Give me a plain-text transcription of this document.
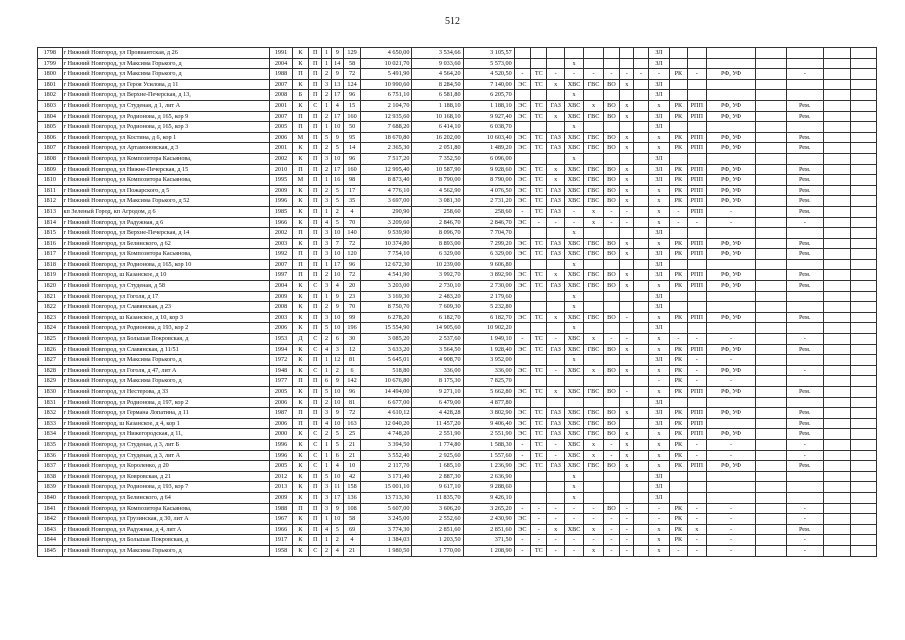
512
1798	г Нижний Новгород, ул Провиантская, д 26	1991	К	П	1	9	129	4 650,00	3 534,66	3 105,57									ЗЛ							
1799	г Нижний Новгород, ул Максима Горького, д	2004	К	П	1	14	58	10 021,70	9 033,60	5 573,00				x					ЗЛ							
1800	г Нижний Новгород, ул Максима Горького, д	1988	П	П	2	9	72	5 491,90	4 564,20	4 520,50	-	ТС	-	-	-	-	-	-	-	РК	-	РФ, УФ		-		
1801	г Нижний Новгород, ул Героя Усилова, д 11	2007	К	П	3	13	124	10 990,60	8 284,50	7 140,00	ЭС	ТС	x	ХВС	ГВС	ВО	x		ЗЛ							
1802	г Нижний Новгород, ул Верхне-Печерская, д 13,	2008	Б	П	2	17	96	6 751,10	6 581,80	6 205,70				x					ЗЛ							
1803	г Нижний Новгород, ул Студеная, д 1, лит А	2001	К	С	1	4	15	2 104,70	1 188,10	1 188,10	ЭС	ТС	ГАЗ	ХВС	x	ВО	x		x	РК	РПП	РФ, УФ		Рем.		
1804	г Нижний Новгород, ул Родионова, д 165, кор 9	2007	П	П	2	17	160	12 935,60	10 168,10	9 927,40	ЭС	ТС	x	ХВС	ГВС	ВО	x		ЗЛ	РК	РПП	РФ, УФ		Рем.		
1805	г Нижний Новгород, ул Родионова, д 165, кор 3	2005	П	П	1	10	50	7 688,20	6 414,10	6 038,70				x					ЗЛ							
1806	г Нижний Новгород, ул Костина, д 6, кор 1	2006	М	П	5	9	95	18 670,80	16 202,00	10 603,40	ЭС	ТС	ГАЗ	ХВС	ГВС	ВО	x		x	РК	РПП	РФ, УФ		Рем.		
1807	г Нижний Новгород, ул Артамоновская, д 3	2001	К	П	2	5	14	2 365,30	2 051,80	1 489,20	ЭС	ТС	ГАЗ	ХВС	ГВС	ВО	x		x	РК	РПП	РФ, УФ		Рем.		
1808	г Нижний Новгород, ул Композитора Касьянова,	2002	К	П	3	10	96	7 517,20	7 352,50	6 096,00				x					ЗЛ							
1809	г Нижний Новгород, ул Нижне-Печерская, д 15	2010	П	П	2	17	160	12 995,40	10 587,90	9 928,60	ЭС	ТС	x	ХВС	ГВС	ВО	x		ЗЛ	РК	РПП	РФ, УФ		Рем.		
1810	г Нижний Новгород, ул Композитора Касьянова,	1995	М	П	1	16	98	8 873,40	8 790,00	8 790,00	ЭС	ТС	x	ХВС	ГВС	ВО	x		ЗЛ	РК	РПП	РФ, УФ		Рем.		
1811	г Нижний Новгород, ул Пожарского, д 5	2009	К	П	2	5	17	4 776,10	4 562,90	4 076,50	ЭС	ТС	ГАЗ	ХВС	ГВС	ВО	x		x	РК	РПП	РФ, УФ		Рем.		
1812	г Нижний Новгород, ул Максима Горького, д 52	1996	К	П	3	5	35	3 697,00	3 081,30	2 731,20	ЭС	ТС	ГАЗ	ХВС	ГВС	ВО	x		x	РК	РПП	РФ, УФ		Рем.		
1813	кп Зеленый Город, кп Агродом, д 6	1985	К	П	1	2	4	290,90	258,60	258,60	-	ТС	ГАЗ	-	x	-	-		x	-	РПП	-		Рем.		
1814	г Нижний Новгород, ул Радужная, д 6	1966	К	П	4	5	70	3 209,60	2 846,70	2 846,70	ЭС	-	-	-	x	-	-		x	-	-	-		-		
1815	г Нижний Новгород, ул Верхне-Печерская, д 14	2002	П	П	3	10	140	9 539,90	8 096,70	7 704,70				x					ЗЛ							
1816	г Нижний Новгород, ул Белинского, д 62	2003	К	П	3	7	72	10 374,80	8 893,00	7 299,20	ЭС	ТС	ГАЗ	ХВС	ГВС	ВО	x		x	РК	РПП	РФ, УФ		Рем.		
1817	г Нижний Новгород, ул Композитора Касьянова,	1992	П	П	3	10	120	7 754,10	6 329,00	6 329,00	ЭС	ТС	ГАЗ	ХВС	ГВС	ВО	x		ЗЛ	РК	РПП	РФ, УФ		Рем.		
1818	г Нижний Новгород, ул Родионова, д 165, кор 10	2007	П	П	1	17	96	12 672,30	10 239,00	9 606,80				x					ЗЛ							
1819	г Нижний Новгород, ш Казанское, д 10	1997	П	П	2	10	72	4 541,90	3 992,70	3 892,90	ЭС	ТС	x	ХВС	ГВС	ВО	x		ЗЛ	РК	РПП	РФ, УФ		Рем.		
1820	г Нижний Новгород, ул Студеная, д 58	2004	К	С	3	4	20	3 203,00	2 730,10	2 730,00	ЭС	ТС	ГАЗ	ХВС	ГВС	ВО	x		x	РК	РПП	РФ, УФ		Рем.		
1821	г Нижний Новгород, ул Гоголя, д 17	2009	К	П	1	9	23	3 169,30	2 483,20	2 179,60				x					ЗЛ							
1822	г Нижний Новгород, ул Славянская, д 23	2008	К	П	2	9	70	8 750,70	7 609,30	5 232,80				x					ЗЛ							
1823	г Нижний Новгород, ш Казанское, д 10, кор 3	2003	К	П	3	10	99	6 278,20	6 182,70	6 182,70	ЭС	ТС	x	ХВС	ГВС	ВО	-		x	РК	РПП	РФ, УФ		Рем.		
1824	г Нижний Новгород, ул Родионова, д 193, кор 2	2006	К	П	5	10	196	15 554,90	14 905,60	10 902,20				x					ЗЛ							
1825	г Нижний Новгород, ул Большая Покровская, д	1953	Д	С	2	6	30	3 085,20	2 537,60	1 949,10	-	ТС	-	ХВС	x	-	-		x	-	-	-		-		
1826	г Нижний Новгород, ул Славянская, д 11/51	1994	К	С	4	3	12	3 633,20	3 564,50	1 928,40	ЭС	ТС	ГАЗ	ХВС	ГВС	ВО	x		x	РК	РПП	РФ, УФ		Рем.		
1827	г Нижний Новгород, ул Максима Горького, д	1972	К	П	1	12	81	5 645,01	4 908,70	3 952,00				x					ЗЛ	РК	-	-				
1828	г Нижний Новгород, ул Гоголя, д 47, лит А	1948	К	С	1	2	6	518,80	336,00	336,00	ЭС	ТС	-	ХВС	x	ВО	x		x	РК	-	РФ, УФ		-		
1829	г Нижний Новгород, ул Максима Горького, д	1977	П	П	6	9	142	10 676,80	8 175,30	7 825,70									-	РК	-	-				
1830	г Нижний Новгород, ул Нестерова, д 33	2005	К	П	5	10	96	14 494,00	9 271,10	5 662,80	ЭС	ТС	x	ХВС	ГВС	ВО	-		x	РК	РПП	РФ, УФ		Рем.		
1831	г Нижний Новгород, ул Родионова, д 197, кор 2	2006	К	П	2	10	81	6 677,00	6 479,00	4 877,80									ЗЛ							
1832	г Нижний Новгород, ул Германа Лопатина, д 11	1987	П	П	3	9	72	4 610,12	4 428,28	3 802,90	ЭС	ТС	ГАЗ	ХВС	ГВС	ВО	x		ЗЛ	РК	РПП	РФ, УФ		Рем.		
1833	г Нижний Новгород, ш Казанское, д 4, кор 1	2006	П	П	4	10	163	12 040,20	11 457,20	9 406,40	ЭС	ТС	ГАЗ	ХВС	ГВС	ВО			ЗЛ	РК	РПП			Рем.		
1834	г Нижний Новгород, ул Нижегородская, д 11,	2000	К	С	2	5	25	4 748,20	2 551,90	2 551,90	ЭС	ТС	ГАЗ	ХВС	ГВС	ВО	x		x	РК	РПП	РФ, УФ		Рем.		
1835	г Нижний Новгород, ул Студеная, д 3, лит Б	1996	К	С	1	5	21	3 394,50	1 774,80	1 588,30	-	ТС	-	ХВС	x	-	x		x	РК	-	-		-		
1836	г Нижний Новгород, ул Студеная, д 3, лит А	1996	К	С	1	6	21	3 552,40	2 925,60	1 557,60	-	ТС	-	ХВС	x	-	x		x	РК	-	-		-		
1837	г Нижний Новгород, ул Короленко, д 20	2005	К	С	1	4	10	2 117,70	1 685,10	1 236,90	ЭС	ТС	ГАЗ	ХВС	ГВС	ВО	x		x	РК	РПП	РФ, УФ		Рем.		
1838	г Нижний Новгород, ул Ковровская, д 21	2012	К	П	5	10	42	3 171,40	2 887,30	2 636,90				x					ЗЛ							
1839	г Нижний Новгород, ул Родионова, д 193, кор 7	2013	К	П	3	11	158	15 001,10	9 617,10	9 288,60				x					ЗЛ							
1840	г Нижний Новгород, ул Белинского, д 64	2009	К	П	3	17	136	13 713,30	11 835,70	9 426,10				x					ЗЛ							
1841	г Нижний Новгород, ул Композитора Касьянова,	1988	П	П	3	9	108	5 607,00	3 606,20	3 265,20	-	-	-	-	-	ВО	-		-	РК	-	-		-		
1842	г Нижний Новгород, ул Грузинская, д 30, лит А	1967	К	П	1	10	58	3 245,00	2 552,60	2 430,90	ЭС	-	-	-	-	-	-		-	РК	-	-		-		
1843	г Нижний Новгород, ул Радужная, д 4, лит А	1966	К	П	4	5	69	3 774,30	2 851,60	2 851,60	ЭС	-	x	ХВС	x	-	-		x	РК	x	-		Рем.		
1844	г Нижний Новгород, ул Большая Покровская, д	1917	К	П	1	2	4	1 384,03	1 203,50	371,50	-	-	-	-	-	-	-		x	РК	-	-		-		
1845	г Нижний Новгород, ул Максима Горького, д	1958	К	С	2	4	21	1 980,50	1 770,00	1 208,90	-	ТС	-	-	x	-	-		x	-	-	-		-		
